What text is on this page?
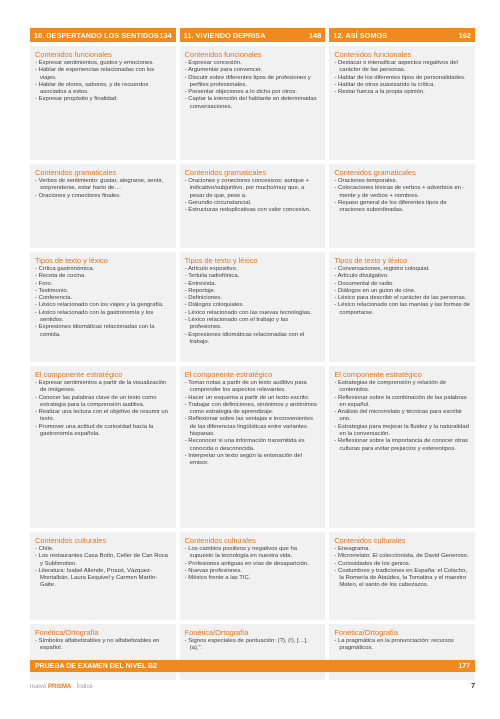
10. DESPERTANDO LOS SENTIDOS 134 11. VIVIENDO DEPRISA	148 12. ASÍ SOMOS	162
Contenidos funcionales
- Expresar sentimientos, gustos y emociones.
- Hablar de experiencias relacionadas con los viajes.
- Hablar de olores, sabores, y de recuerdos asociados a estos.
- Expresar propósito y finalidad.
Contenidos gramaticales
- Verbos de sentimiento: gustar, alegrarse, sentir, sorprenderse, estar harto de….
- Oraciones y conectores finales.
Tipos de texto y léxico
- Crítica gastronómica.
- Receta de cocina.
- Foro.
- Testimonio.
- Conferencia.
- Léxico relacionado con los viajes y la geografía.
- Léxico relacionado con la gastronomía y los sentidos.
- Expresiones idiomáticas relacionadas con la comida.
El componente estratégico
- Expresar sentimientos a partir de la visualización de imágenes.
- Conocer las palabras clave de un texto como estrategia para la comprensión auditiva.
- Realizar una lectura con el objetivo de resumir un texto.
- Promover una actitud de curiosidad hacia la gastronomía española.
Contenidos culturales
- Chile.
- Los restaurantes Casa Botín, Celler de Can Roca y Sublimotion.
- Literatura: Isabel Allende, Proust, Vázquez-Montalbán, Laura Esquivel y Carmen Martín-Gaite.
Fonética/Ortografía
- Símbolos alfabetizables y no alfabetizables en español.
Contenidos funcionales
- Expresar concesión.
- Argumentar para convencer.
- Discutir sobre diferentes tipos de profesiones y perfiles profesionales.
- Presentar objeciones a lo dicho por otros.
- Captar la intención del hablante en determinadas conversaciones.
Contenidos gramaticales
- Oraciones y conectores concesivos: aunque + indicativo/subjuntivo, por mucho/muy que, a pesar de que, pese a.
- Gerundio circunstancial.
- Estructuras reduplicativas con valor concesivo.
Tipos de texto y léxico
- Artículo expositivo.
- Tertulia radiofónica.
- Entrevista.
- Reportaje.
- Definiciones.
- Diálogos coloquiales.
- Léxico relacionado con las nuevas tecnologías.
- Léxico relacionado con el trabajo y las profesiones.
- Expresiones idiomáticas relacionadas con el trabajo.
El componente estratégico
- Tomar notas a partir de un texto auditivo para comprender los aspectos relevantes.
- Hacer un esquema a partir de un texto escrito.
- Trabajar con definiciones, sinónimos y antónimos como estrategia de aprendizaje.
- Reflexionar sobre las ventajas e inconvenientes de las diferencias lingüísticas entre variantes hispanas.
- Reconocer si una información transmitida es conocida o desconocida.
- Interpretar un texto según la entonación del emisor.
Contenidos culturales
- Los cambios positivos y negativos que ha supuesto la tecnología en nuestra vida.
- Profesiones antiguas en vías de desaparición.
- Nuevas profesiones.
- México frente a las TIC.
Fonética/Ortografía
- Signos especiales de puntuación: (?), (!), […], (a),".
Contenidos funcionales
- Destacar o intensificar aspectos negativos del carácter de las personas.
- Hablar de los diferentes tipos de personalidades.
- Hablar de otros suavizando la crítica.
- Restar fuerza a la propia opinión.
Contenidos gramaticales
- Oraciones temporales.
- Colocaciones léxicas de verbos + adverbios en -mente y de verbos + nombres.
- Repaso general de los diferentes tipos de oraciones subordinadas.
Tipos de texto y léxico
- Conversaciones, registro coloquial.
- Artículo divulgativo.
- Documental de radio.
- Diálogos en un guion de cine.
- Léxico para describir el carácter de las personas.
- Léxico relacionado con las manías y las formas de comportarse.
El componente estratégico
- Estrategias de comprensión y relación de contenidos.
- Reflexionar sobre la combinación de las palabras en español.
- Análisis del microrrelato y técnicas para escribir uno.
- Estrategias para mejorar la fluidez y la naturalidad en la conversación.
- Reflexionar sobre la importancia de conocer otras culturas para evitar prejuicios y estereotipos.
Contenidos culturales
- Eneagrama.
- Microrrelato: El coleccionista, de David Generoso.
- Curiosidades de los genios.
- Costumbres y tradiciones en España: el Colacho, la Romería de Ataúdes, la Tomatina y el maestro Mateo, el santo de los cabezazos.
Fonética/Ortografía
- La pragmática en la pronunciación: recursos pragmáticos.
PRUEBA DE EXAMEN DEL NIVEL B2	177
nuevo PRISMA · Índice	7
